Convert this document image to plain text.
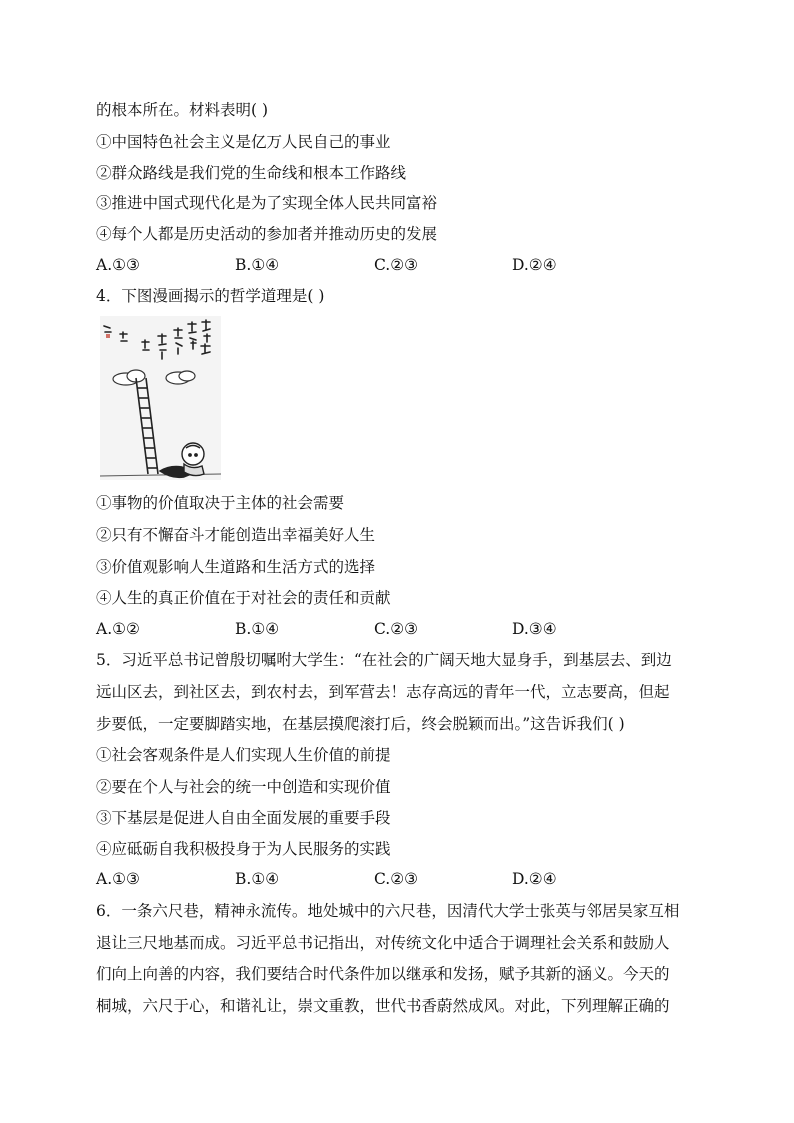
的根本所在。材料表明( )
①中国特色社会主义是亿万人民自己的事业
②群众路线是我们党的生命线和根本工作路线
③推进中国式现代化是为了实现全体人民共同富裕
④每个人都是历史活动的参加者并推动历史的发展
A.①③	B.①④	C.②③	D.②④
4．下图漫画揭示的哲学道理是( )
①事物的价值取决于主体的社会需要
②只有不懈奋斗才能创造出幸福美好人生
③价值观影响人生道路和生活方式的选择
④人生的真正价值在于对社会的责任和贡献
A.①②	B.①④	C.②③	D.③④
5．习近平总书记曾殷切嘱咐大学生：“在社会的广阔天地大显身手，到基层去、到边
远山区去，到社区去，到农村去，到军营去！志存高远的青年一代，立志要高，但起
步要低，一定要脚踏实地，在基层摸爬滚打后，终会脱颖而出。”这告诉我们( )
①社会客观条件是人们实现人生价值的前提
②要在个人与社会的统一中创造和实现价值
③下基层是促进人自由全面发展的重要手段
④应砥砺自我积极投身于为人民服务的实践
A.①③	B.①④	C.②③	D.②④
6．一条六尺巷，精神永流传。地处城中的六尺巷，因清代大学士张英与邻居吴家互相
退让三尺地基而成。习近平总书记指出，对传统文化中适合于调理社会关系和鼓励人
们向上向善的内容，我们要结合时代条件加以继承和发扬，赋予其新的涵义。今天的
桐城，六尺于心，和谐礼让，崇文重教，世代书香蔚然成风。对此，下列理解正确的
